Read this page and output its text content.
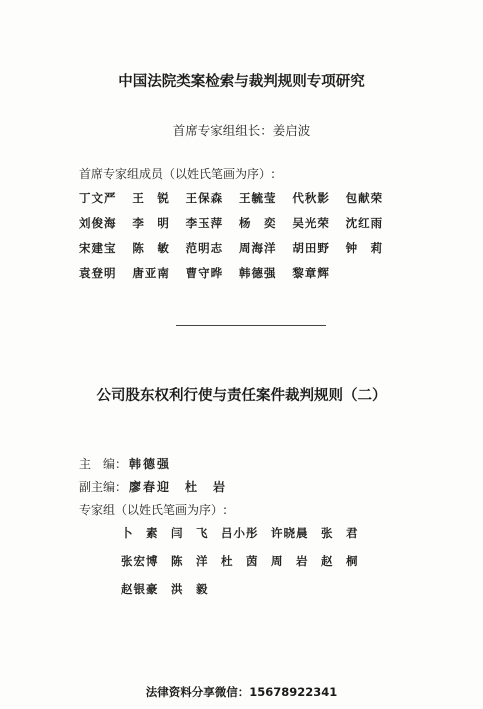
中国法院类案检索与裁判规则专项研究
首席专家组组长：姜启波
首席专家组成员（以姓氏笔画为序）:
丁文严	王　锐	王保森	王毓莹	代秋影	包献荣
刘俊海	李　明	李玉萍	杨　奕	吴光荣	沈红雨
宋建宝	陈　敏	范明志	周海洋	胡田野	钟　莉
袁登明	唐亚南	曹守晔	韩德强	黎章辉
公司股东权利行使与责任案件裁判规则（二）
主　编： 韩德强
副主编： 廖春迎　杜　岩
专家组（以姓氏笔画为序）:
卜　素	闫　飞	吕小彤	许晓晨	张　君
张宏博	陈　洋	杜　茵	周　岩	赵　桐
赵银豪	洪　毅
法律资料分享微信：15678922341
